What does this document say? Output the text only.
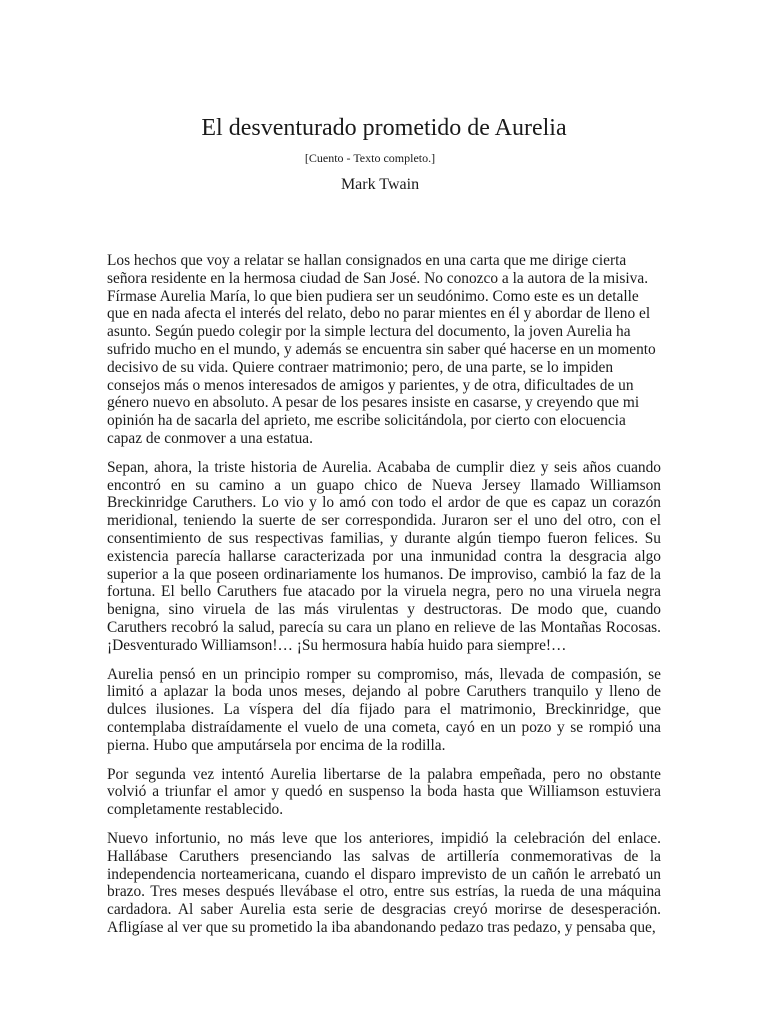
El desventurado prometido de Aurelia
[Cuento - Texto completo.]
Mark Twain

Los hechos que voy a relatar se hallan consignados en una carta que me dirige cierta señora residente en la hermosa ciudad de San José. No conozco a la autora de la misiva. Fírmase Aurelia María, lo que bien pudiera ser un seudónimo. Como este es un detalle que en nada afecta el interés del relato, debo no parar mientes en él y abordar de lleno el asunto. Según puedo colegir por la simple lectura del documento, la joven Aurelia ha sufrido mucho en el mundo, y además se encuentra sin saber qué hacerse en un momento decisivo de su vida. Quiere contraer matrimonio; pero, de una parte, se lo impiden consejos más o menos interesados de amigos y parientes, y de otra, dificultades de un género nuevo en absoluto. A pesar de los pesares insiste en casarse, y creyendo que mi opinión ha de sacarla del aprieto, me escribe solicitándola, por cierto con elocuencia capaz de conmover a una estatua.

Sepan, ahora, la triste historia de Aurelia. Acababa de cumplir diez y seis años cuando encontró en su camino a un guapo chico de Nueva Jersey llamado Williamson Breckinridge Caruthers. Lo vio y lo amó con todo el ardor de que es capaz un corazón meridional, teniendo la suerte de ser correspondida. Juraron ser el uno del otro, con el consentimiento de sus respectivas familias, y durante algún tiempo fueron felices. Su existencia parecía hallarse caracterizada por una inmunidad contra la desgracia algo superior a la que poseen ordinariamente los humanos. De improviso, cambió la faz de la fortuna. El bello Caruthers fue atacado por la viruela negra, pero no una viruela negra benigna, sino viruela de las más virulentas y destructoras. De modo que, cuando Caruthers recobró la salud, parecía su cara un plano en relieve de las Montañas Rocosas. ¡Desventurado Williamson!… ¡Su hermosura había huido para siempre!…

Aurelia pensó en un principio romper su compromiso, más, llevada de compasión, se limitó a aplazar la boda unos meses, dejando al pobre Caruthers tranquilo y lleno de dulces ilusiones. La víspera del día fijado para el matrimonio, Breckinridge, que contemplaba distraídamente el vuelo de una cometa, cayó en un pozo y se rompió una pierna. Hubo que amputársela por encima de la rodilla.

Por segunda vez intentó Aurelia libertarse de la palabra empeñada, pero no obstante volvió a triunfar el amor y quedó en suspenso la boda hasta que Williamson estuviera completamente restablecido.

Nuevo infortunio, no más leve que los anteriores, impidió la celebración del enlace. Hallábase Caruthers presenciando las salvas de artillería conmemorativas de la independencia norteamericana, cuando el disparo imprevisto de un cañón le arrebató un brazo. Tres meses después llevábase el otro, entre sus estrías, la rueda de una máquina cardadora. Al saber Aurelia esta serie de desgracias creyó morirse de desesperación. Afligíase al ver que su prometido la iba abandonando pedazo tras pedazo, y pensaba que,
